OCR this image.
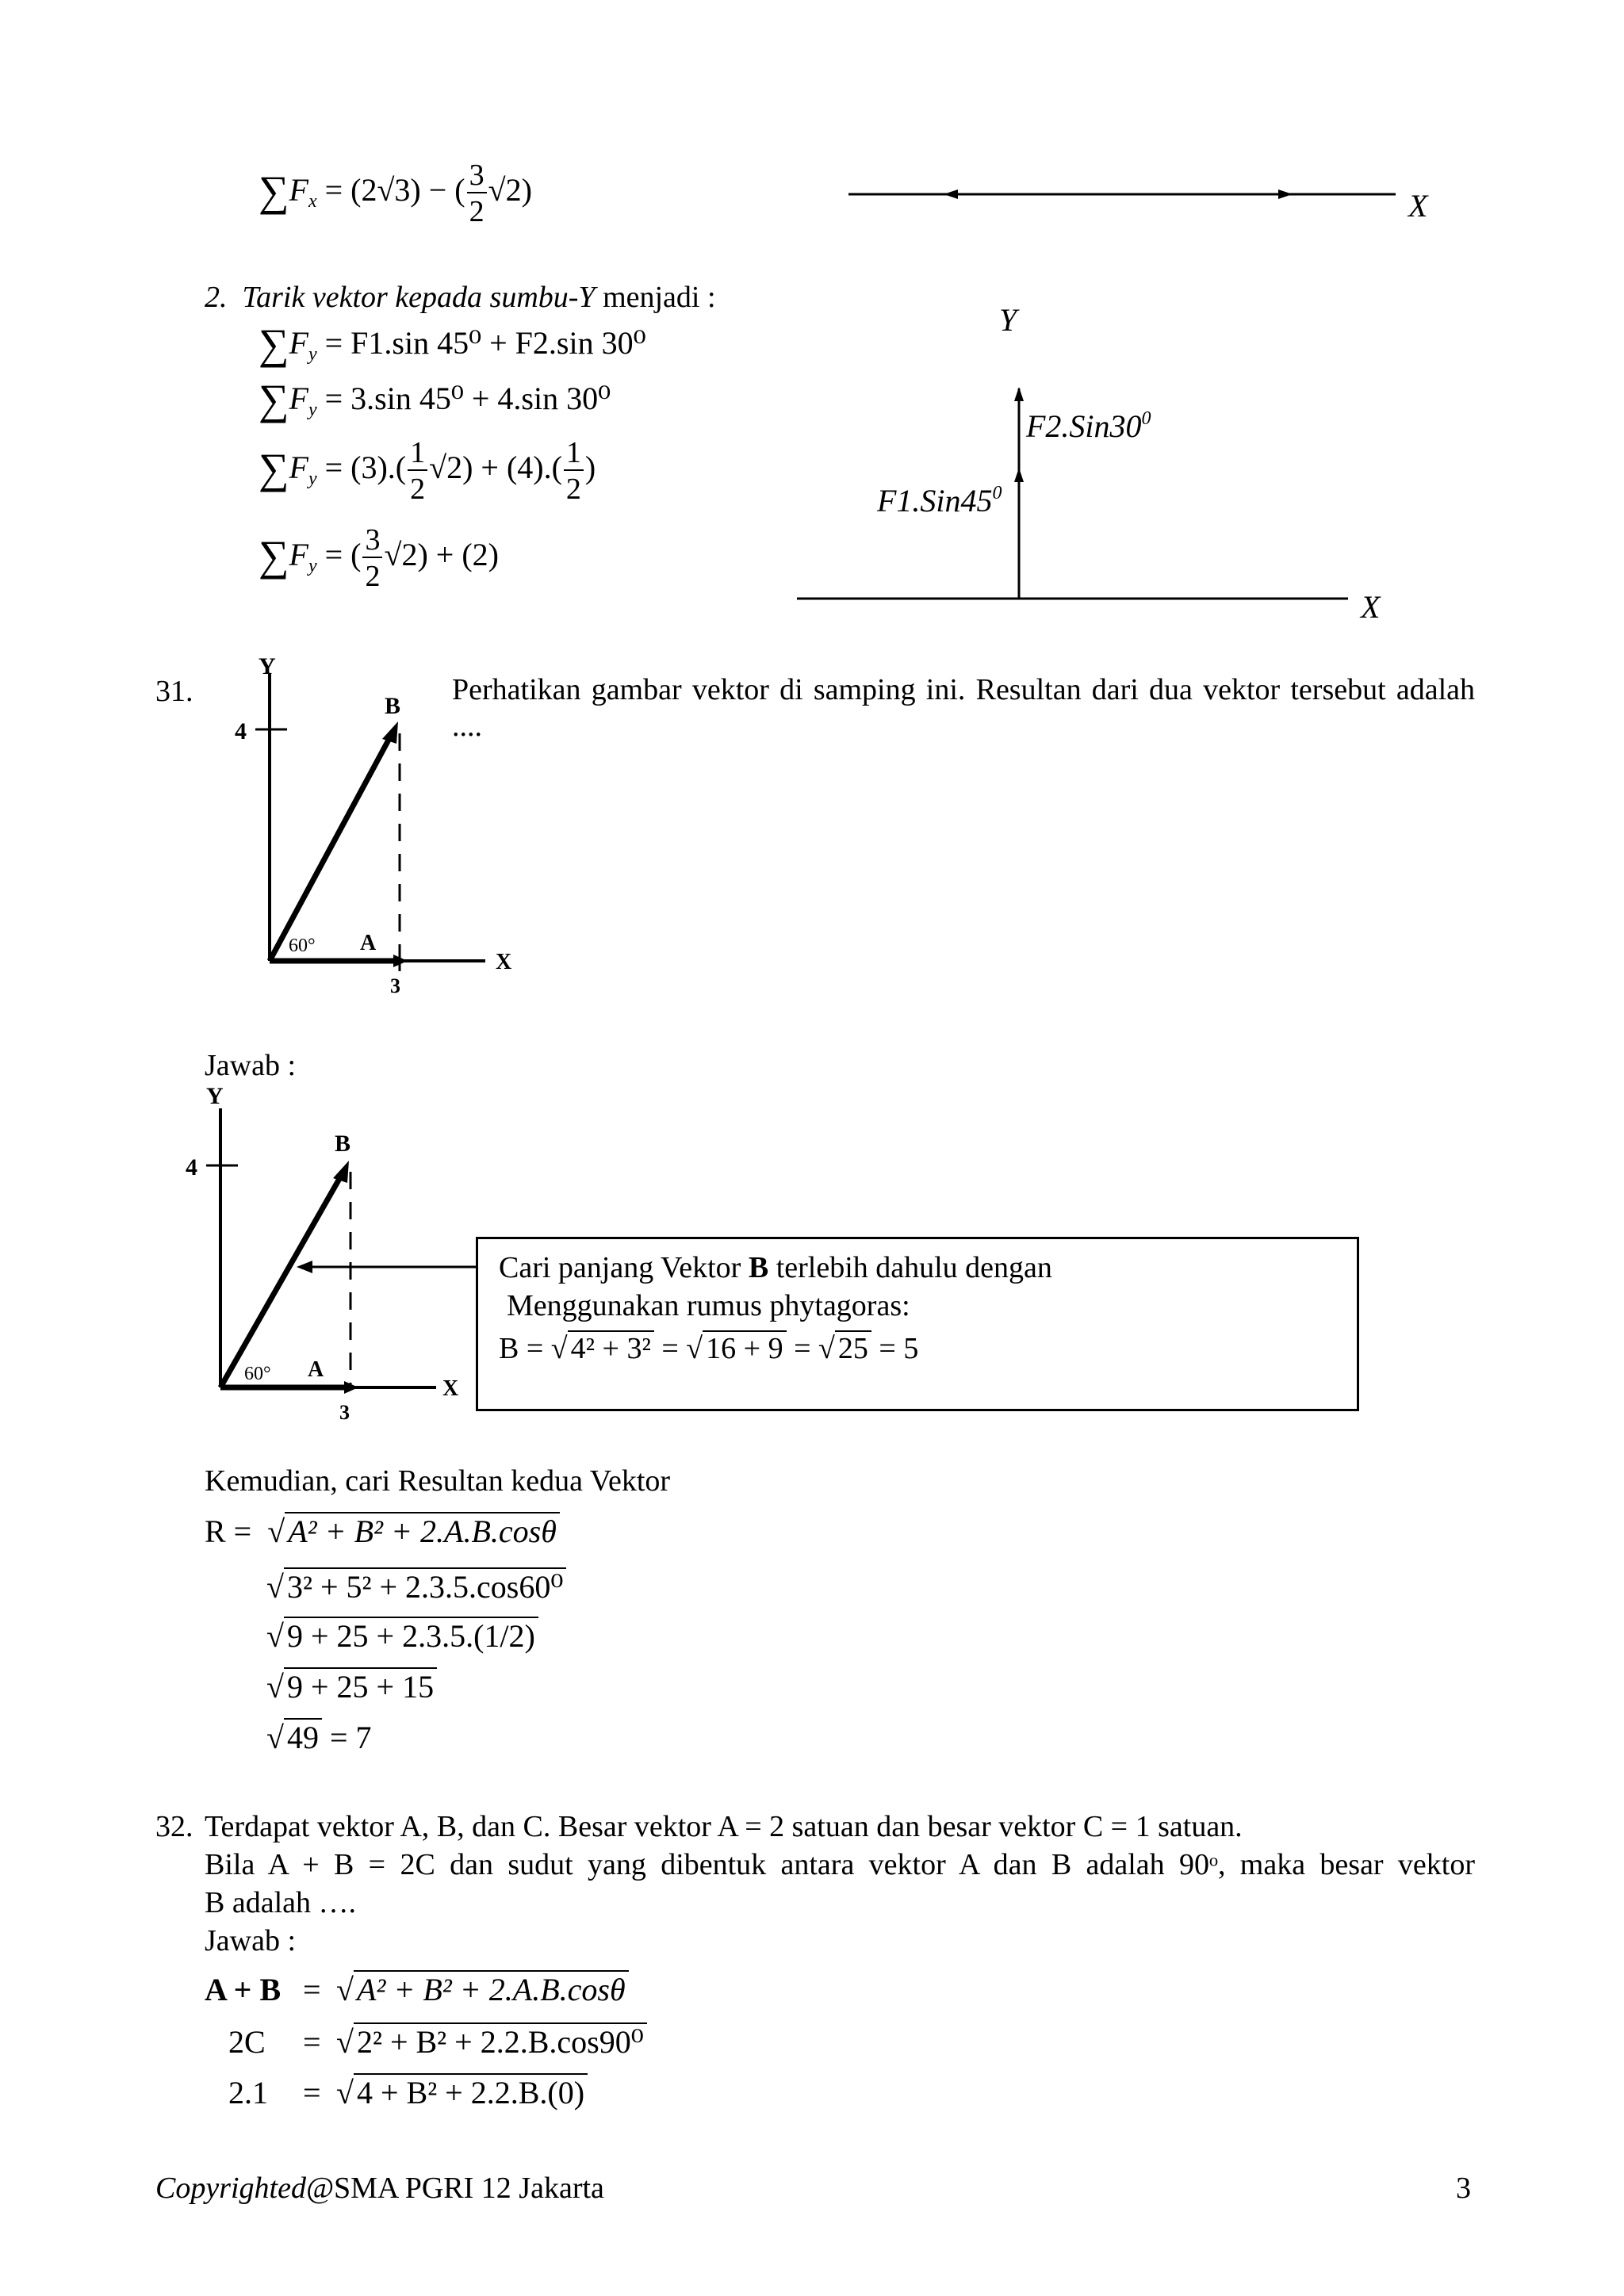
$\sum F_x = (2√3)$ − ( $\frac{3}{2} √2$)	X
2. Tarik vektor kepada sumbu-Y menjadi :
$\sum F_y = F1.\sin$ 45⁰ + F2.sin 30⁰
$\sum F_y = 3.\sin$ 45⁰ + 4.sin 30⁰
$\sum F_y = (3).( \frac{1}{2} √2) + (4).( \frac{1}{2}$ )
$\sum F_y$ = ( $\frac{3}{2} √2) + (2)$
Y
X
$F2.Sin30^0$
$F1.Sin45^0$
31.
Y
4
B
A
60°
X
3
Perhatikan gambar vektor di samping ini. Resultan dari dua vektor tersebut adalah ....
Jawab :
Y
4
B
A
60°
X
3
Cari panjang Vektor B terlebih dahulu dengan
Menggunakan rumus phytagoras:
B = √ 4² + 3² = √ 16 + 9 = √ 25 = 5
Kemudian, cari Resultan kedua Vektor
R =  √ A² + B² + 2.A.B.cosθ
√ 3² + 5² + 2.3.5.cos60⁰
√ 9 + 25 + 2.3.5.(1/2)
√ 9 + 25 + 15
√ 49 = 7
32. Terdapat vektor A, B, dan C. Besar vektor A = 2 satuan dan besar vektor C = 1 satuan.
Bila A + B = 2C dan sudut yang dibentuk antara vektor A dan B adalah 90ᵒ, maka besar vektor
B adalah ….
Jawab :
A + B = √ A² + B² + 2.A.B.cosθ
2C = √ 2² + B² + 2.2.B.cos90⁰
2.1 = √ 4 + B² + 2.2.B.(0)
Copyrighted@SMA PGRI 12 Jakarta	3
